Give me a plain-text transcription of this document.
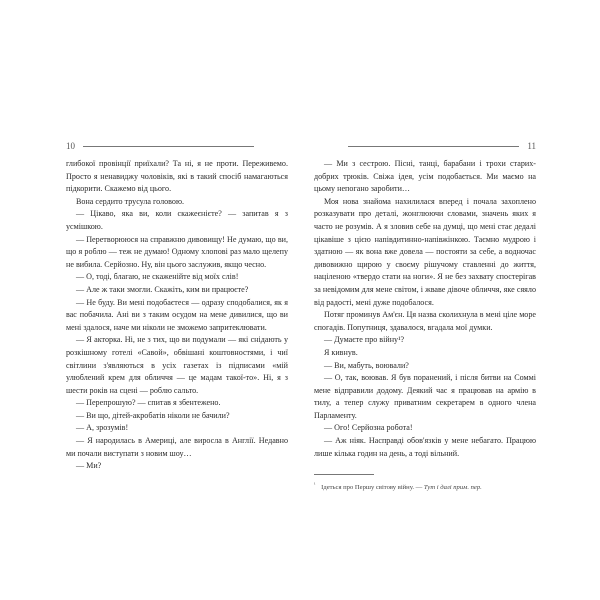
10

глибокої провінції приїхали? Та ні, я не проти. Переживемо. Просто я ненавиджу чоловіків, які в такий спосіб намагаються підкорити. Скажемо від цього.

Вона сердито трусула головою.

— Цікаво, яка ви, коли скажеєнієте? — запитав я з усмішкою.

— Перетворююся на справжню дивовищу! Не думаю, що ви, що я роблю — теж не думаю! Одному хлопові раз мало щелепу не вибила. Серйозно. Ну, він цього заслужив, якщо чесно.

— О, тоді, благаю, не скаженійте від моїх слів!

— Але ж таки змогли. Скажіть, ким ви працюєте?

— Не буду. Ви мені подобаєтеся — одразу сподобалися, як я вас побачила. Ані ви з таким осудом на мене дивилися, що ви мені здалося, наче ми ніколи не зможемо запритеклювати.

— Я акторка. Ні, не з тих, що ви подумали — які снідають у розкішному готелі «Савой», обвішані коштовностями, і чиї світлини з'являються в усіх газетах із підписами «мій улюблений крем для обличчя — це мадам такої-то». Ні, я з шести років на сцені — роблю сальто.

— Перепрошую? — спитав я збентежено.

— Ви що, дітей-акробатів ніколи не бачили?

— А, зрозумів!

— Я народилась в Америці, але виросла в Англії. Недавно ми почали виступати з новим шоу…

— Ми?

11

— Ми з сестрою. Пісні, танці, барабани і трохи старих-добрих трюків. Свіжа ідея, усім подобається. Ми маємо на цьому непогано заробити…

Моя нова знайома нахилилася вперед і почала захоплено розказувати про деталі, жонглюючи словами, значень яких я часто не розумів. А я зловив себе на думці, що мені стає дедалі цікавіше з цією напівдитинно-напівжінкою. Таємно мудрою і здатною — як вона вже довела — постояти за себе, а водночас дивовижно щирою у своєму рішучому ставленні до життя, націленою «твердо стати на ноги». Я не без захвату спостерігав за невідомим для мене світом, і жваве дівоче обличчя, яке сяяло від радості, мені дуже подобалося.

Потяг проминув Ам'єн. Ця назва сколихнула в мені ціле море спогадів. Попутниця, здавалося, вгадала мої думки.

— Думаєте про війну¹?

Я кивнув.

— Ви, мабуть, воювали?

— О, так, воював. Я був поранений, і після битви на Соммі мене відправили додому. Деякий час я працював на армію в тилу, а тепер служу приватним секретарем в одного члена Парламенту.

— Ого! Серйозна робота!

— Аж ніяк. Насправді обов'язків у мене небагато. Працюю лише кілька годин на день, а тоді вільний.

$^{^1}$ Ідеться про Першу світову війну. — Тут і далі прим. пер.
